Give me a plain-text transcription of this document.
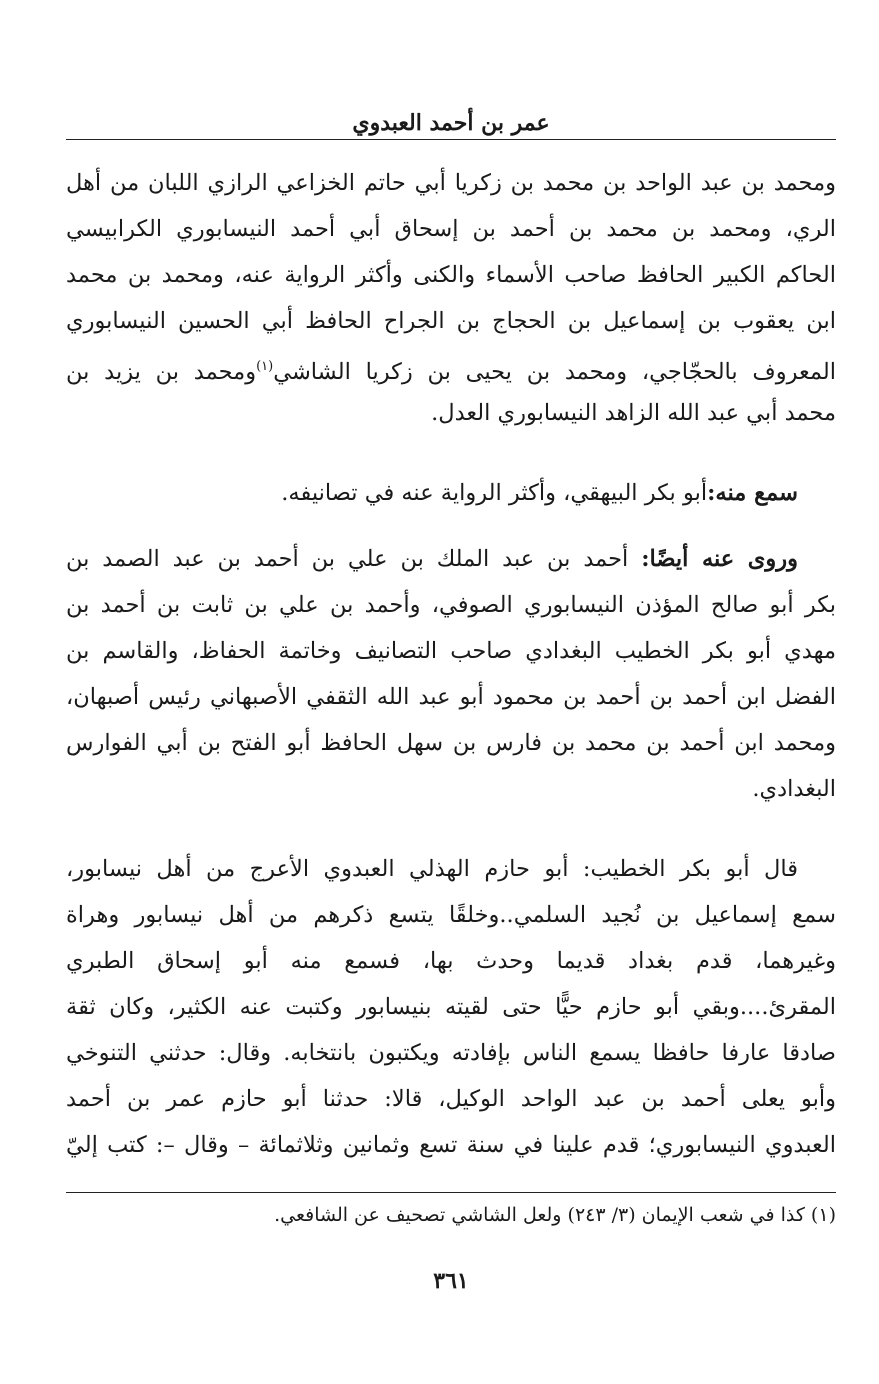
عمر بن أحمد العبدوي
ومحمد بن عبد الواحد بن محمد بن زكريا أبي حاتم الخزاعي الرازي اللبان من أهل
الري، ومحمد بن محمد بن أحمد بن إسحاق أبي أحمد النيسابوري الكرابيسي
الحاكم الكبير الحافظ صاحب الأسماء والكنى وأكثر الرواية عنه، ومحمد بن محمد
ابن يعقوب بن إسماعيل بن الحجاج بن الجراح الحافظ أبي الحسين النيسابوري
المعروف بالحجّاجي، ومحمد بن يحيى بن زكريا الشاشي$^{(١)}$ومحمد بن يزيد بن
محمد أبي عبد الله الزاهد النيسابوري العدل.
سمع منه:أبو بكر البيهقي، وأكثر الرواية عنه في تصانيفه.
وروى عنه أيضًا: أحمد بن عبد الملك بن علي بن أحمد بن عبد الصمد بن
بكر أبو صالح المؤذن النيسابوري الصوفي، وأحمد بن علي بن ثابت بن أحمد بن
مهدي أبو بكر الخطيب البغدادي صاحب التصانيف وخاتمة الحفاظ، والقاسم بن
الفضل ابن أحمد بن أحمد بن محمود أبو عبد الله الثقفي الأصبهاني رئيس أصبهان،
ومحمد ابن أحمد بن محمد بن فارس بن سهل الحافظ أبو الفتح بن أبي الفوارس
البغدادي.
قال أبو بكر الخطيب: أبو حازم الهذلي العبدوي الأعرج من أهل نيسابور،
سمع إسماعيل بن نُجيد السلمي..وخلقًا يتسع ذكرهم من أهل نيسابور وهراة
وغيرهما، قدم بغداد قديما وحدث بها، فسمع منه أبو إسحاق الطبري
المقرئ....وبقي أبو حازم حيًّا حتى لقيته بنيسابور وكتبت عنه الكثير، وكان ثقة
صادقا عارفا حافظا يسمع الناس بإفادته ويكتبون بانتخابه. وقال: حدثني التنوخي
وأبو يعلى أحمد بن عبد الواحد الوكيل، قالا: حدثنا أبو حازم عمر بن أحمد
العبدوي النيسابوري؛ قدم علينا في سنة تسع وثمانين وثلاثمائة – وقال –: كتب إليّ
(١) كذا في شعب الإيمان (٣/ ٢٤٣) ولعل الشاشي تصحيف عن الشافعي.
٣٦١
